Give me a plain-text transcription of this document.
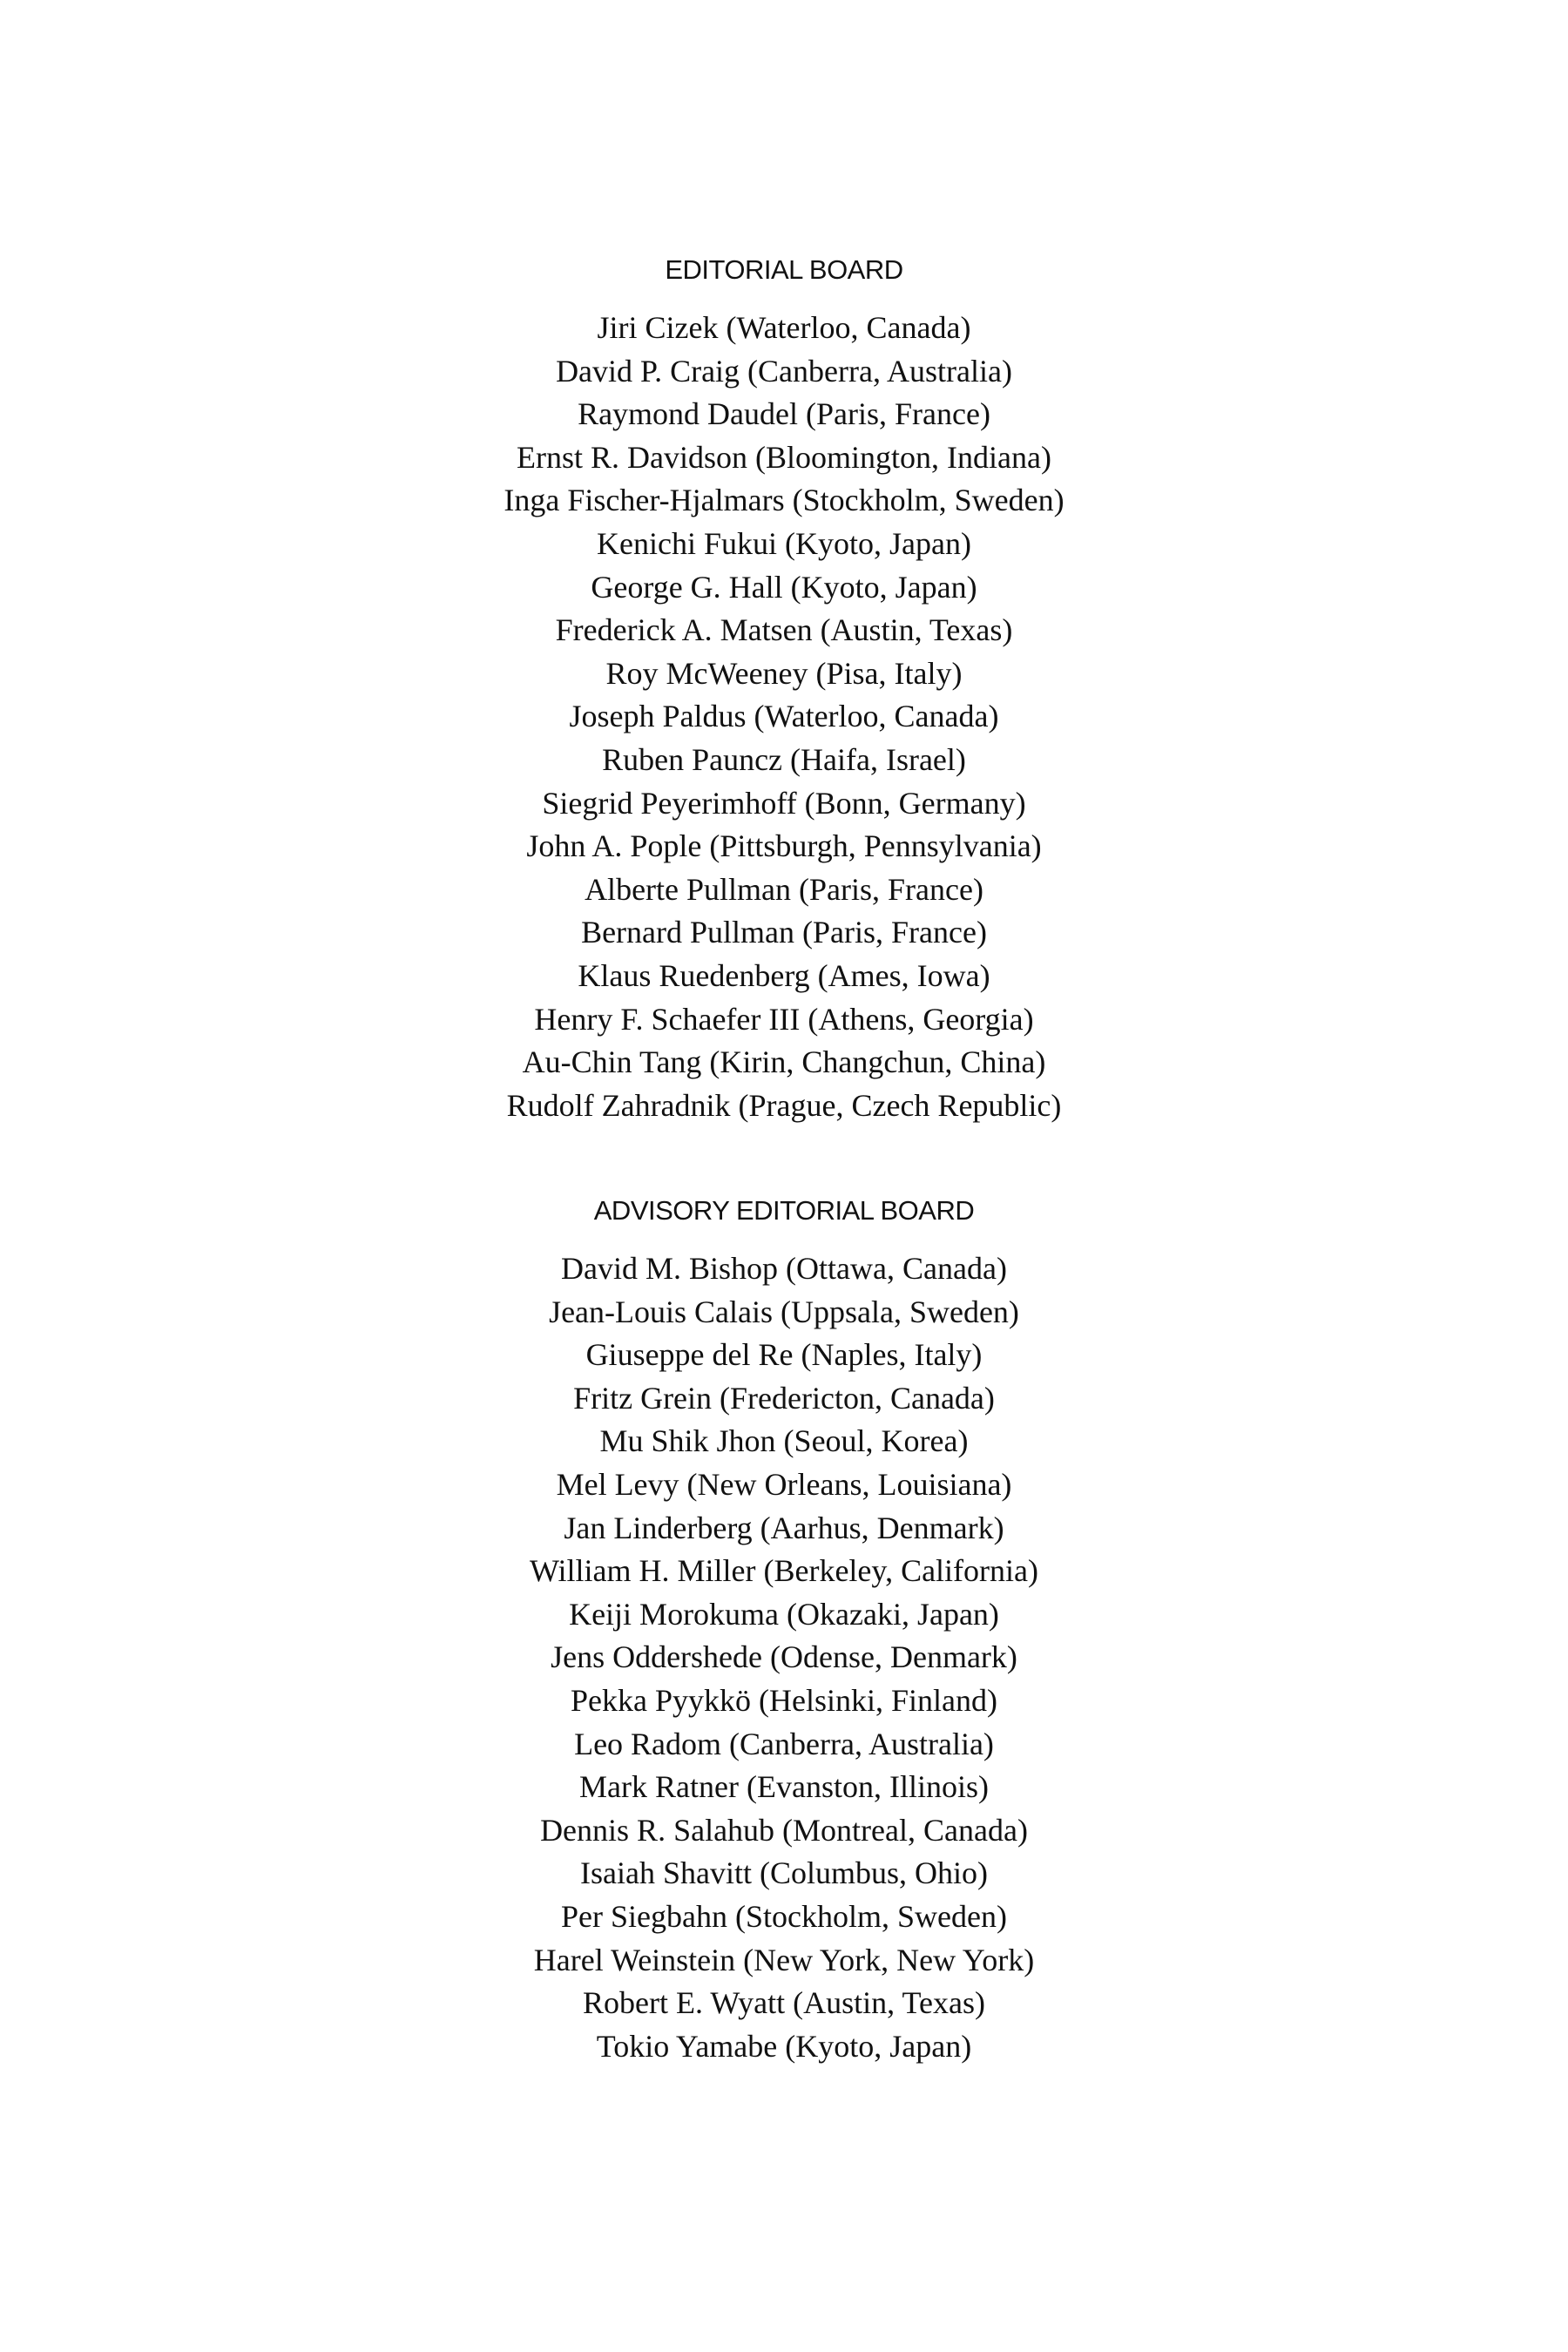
EDITORIAL BOARD
Jiri Cizek (Waterloo, Canada)
David P. Craig (Canberra, Australia)
Raymond Daudel (Paris, France)
Ernst R. Davidson (Bloomington, Indiana)
Inga Fischer-Hjalmars (Stockholm, Sweden)
Kenichi Fukui (Kyoto, Japan)
George G. Hall (Kyoto, Japan)
Frederick A. Matsen (Austin, Texas)
Roy McWeeney (Pisa, Italy)
Joseph Paldus (Waterloo, Canada)
Ruben Pauncz (Haifa, Israel)
Siegrid Peyerimhoff (Bonn, Germany)
John A. Pople (Pittsburgh, Pennsylvania)
Alberte Pullman (Paris, France)
Bernard Pullman (Paris, France)
Klaus Ruedenberg (Ames, Iowa)
Henry F. Schaefer III (Athens, Georgia)
Au-Chin Tang (Kirin, Changchun, China)
Rudolf Zahradnik (Prague, Czech Republic)
ADVISORY EDITORIAL BOARD
David M. Bishop (Ottawa, Canada)
Jean-Louis Calais (Uppsala, Sweden)
Giuseppe del Re (Naples, Italy)
Fritz Grein (Fredericton, Canada)
Mu Shik Jhon (Seoul, Korea)
Mel Levy (New Orleans, Louisiana)
Jan Linderberg (Aarhus, Denmark)
William H. Miller (Berkeley, California)
Keiji Morokuma (Okazaki, Japan)
Jens Oddershede (Odense, Denmark)
Pekka Pyykkö (Helsinki, Finland)
Leo Radom (Canberra, Australia)
Mark Ratner (Evanston, Illinois)
Dennis R. Salahub (Montreal, Canada)
Isaiah Shavitt (Columbus, Ohio)
Per Siegbahn (Stockholm, Sweden)
Harel Weinstein (New York, New York)
Robert E. Wyatt (Austin, Texas)
Tokio Yamabe (Kyoto, Japan)
